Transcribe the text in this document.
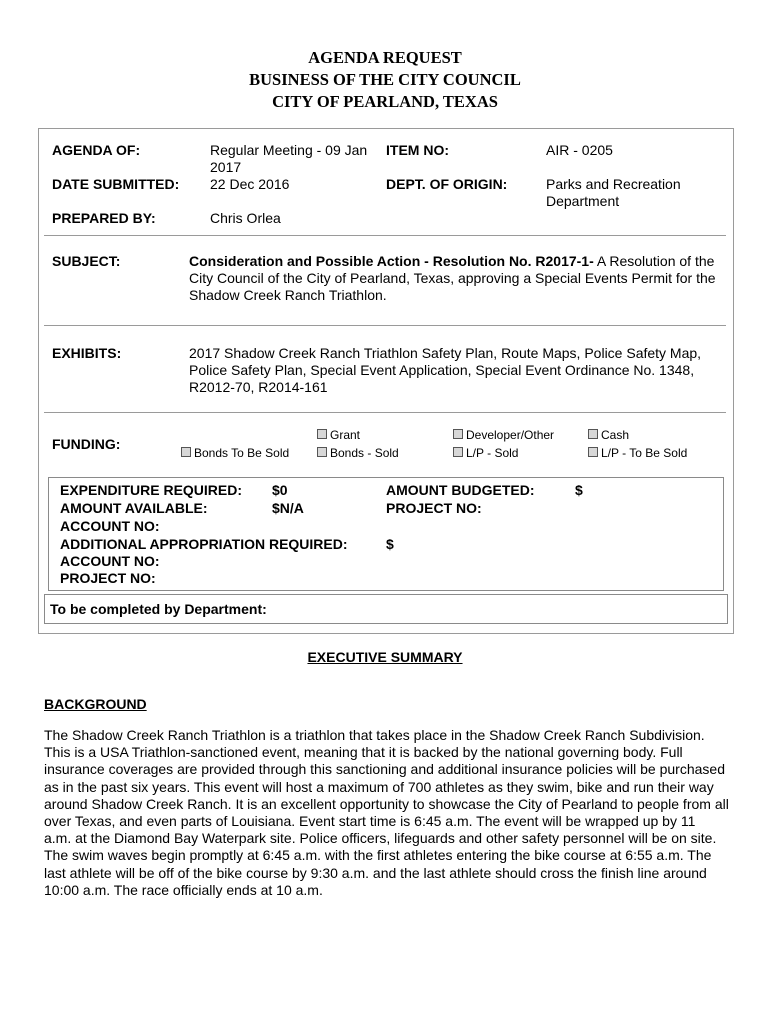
AGENDA REQUEST
BUSINESS OF THE CITY COUNCIL
CITY OF PEARLAND, TEXAS
AGENDA OF:	Regular Meeting - 09 Jan
2017
ITEM NO:	AIR - 0205
DATE SUBMITTED: 22 Dec 2016	DEPT. OF ORIGIN:	Parks and Recreation
Department
PREPARED BY:	Chris Orlea
SUBJECT:	Consideration and Possible Action - Resolution No. R2017-1- A Resolution of the
City Council of the City of Pearland, Texas, approving a Special Events Permit for the
Shadow Creek Ranch Triathlon.
EXHIBITS:	2017 Shadow Creek Ranch Triathlon Safety Plan, Route Maps, Police Safety Map,
Police Safety Plan, Special Event Application, Special Event Ordinance No. 1348,
R2012-70, R2014-161
FUNDING:
Grant	Developer/Other	Cash
Bonds To Be Sold	Bonds - Sold	L/P - Sold	L/P - To Be Sold
EXPENDITURE REQUIRED: $0	AMOUNT BUDGETED:	$
AMOUNT AVAILABLE:	$N/A	PROJECT NO:
ACCOUNT NO:
ADDITIONAL APPROPRIATION REQUIRED:	$
ACCOUNT NO:
PROJECT NO:
To be completed by Department:
EXECUTIVE SUMMARY
BACKGROUND
The Shadow Creek Ranch Triathlon is a triathlon that takes place in the Shadow Creek Ranch Subdivision.
This is a USA Triathlon-sanctioned event, meaning that it is backed by the national governing body. Full
insurance coverages are provided through this sanctioning and additional insurance policies will be purchased
as in the past six years. This event will host a maximum of 700 athletes as they swim, bike and run their way
around Shadow Creek Ranch. It is an excellent opportunity to showcase the City of Pearland to people from all
over Texas, and even parts of Louisiana. Event start time is 6:45 a.m. The event will be wrapped up by 11
a.m. at the Diamond Bay Waterpark site. Police officers, lifeguards and other safety personnel will be on site.
The swim waves begin promptly at 6:45 a.m. with the first athletes entering the bike course at 6:55 a.m. The
last athlete will be off of the bike course by 9:30 a.m. and the last athlete should cross the finish line around
10:00 a.m. The race officially ends at 10 a.m.
